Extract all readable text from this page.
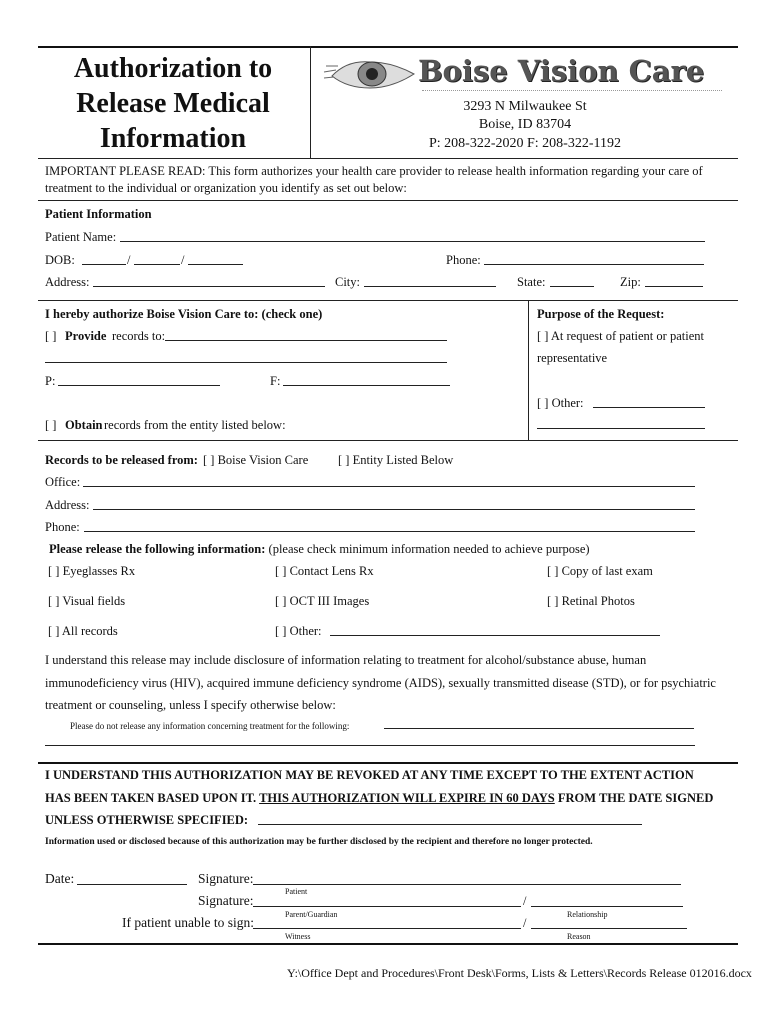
Authorization to
Release Medical
Information
Boise Vision Care
3293 N Milwaukee St
Boise, ID 83704
P: 208-322-2020 F: 208-322-1192
IMPORTANT PLEASE READ: This form authorizes your health care provider to release health information regarding your care of
treatment to the individual or organization you identify as set out below:
Patient Information
Patient Name:
DOB:	/	/	Phone:
Address:	City:	State:	Zip:
I hereby authorize Boise Vision Care to: (check one)
[ ] Provide records to:
P:	F:
[ ] Obtain records from the entity listed below:
Purpose of the Request:
[ ] At request of patient or patient
representative
[ ] Other:
Records to be released from: [ ] Boise Vision Care [ ] Entity Listed Below
Office:
Address:
Phone:
Please release the following information: (please check minimum information needed to achieve purpose)
[ ] Eyeglasses Rx	[ ] Contact Lens Rx	[ ] Copy of last exam
[ ] Visual fields	[ ] OCT III Images	[ ] Retinal Photos
[ ] All records	[ ] Other:
I understand this release may include disclosure of information relating to treatment for alcohol/substance abuse, human
immunodeficiency virus (HIV), acquired immune deficiency syndrome (AIDS), sexually transmitted disease (STD), or for psychiatric
treatment or counseling, unless I specify otherwise below:
Please do not release any information concerning treatment for the following:
I UNDERSTAND THIS AUTHORIZATION MAY BE REVOKED AT ANY TIME EXCEPT TO THE EXTENT ACTION
HAS BEEN TAKEN BASED UPON IT. THIS AUTHORIZATION WILL EXPIRE IN 60 DAYS FROM THE DATE SIGNED
UNLESS OTHERWISE SPECIFIED:
Information used or disclosed because of this authorization may be further disclosed by the recipient and therefore no longer protected.
Date:	Signature:
Patient
Signature:	/
Parent/Guardian	Relationship
If patient unable to sign:	/
Witness	Reason
Y:\Office Dept and Procedures\Front Desk\Forms, Lists & Letters\Records Release 012016.docx
